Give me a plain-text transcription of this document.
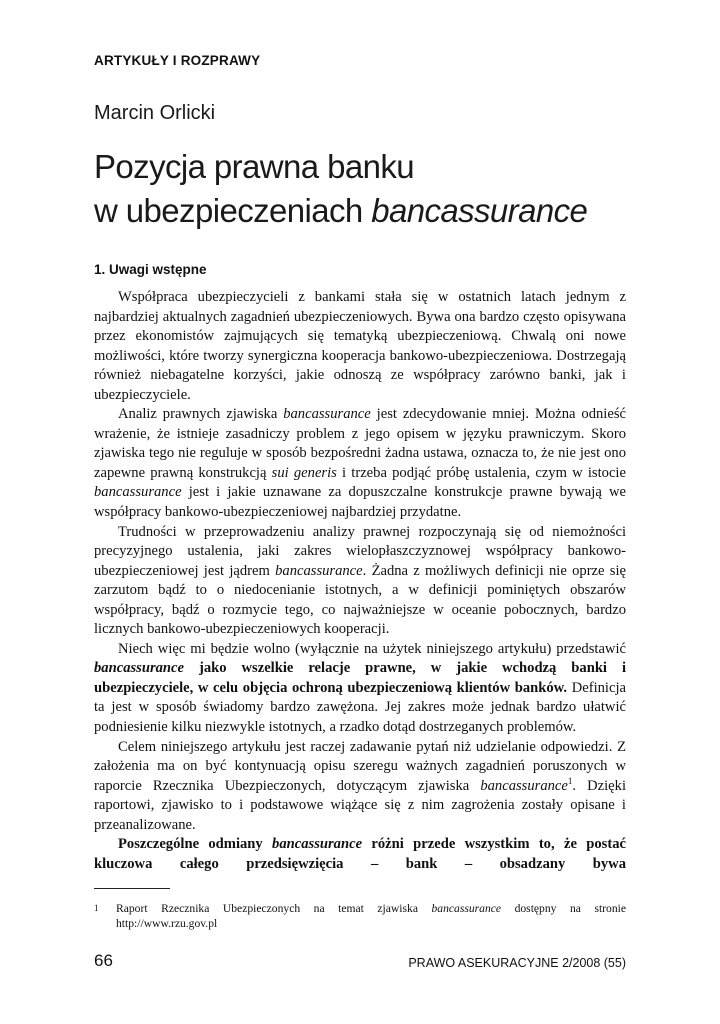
ARTYKUŁY I ROZPRAWY
Marcin Orlicki
Pozycja prawna banku
w ubezpieczeniach bancassurance
1. Uwagi wstępne

Współpraca ubezpieczycieli z bankami stała się w ostatnich latach jednym z najbardziej aktualnych zagadnień ubezpieczeniowych. Bywa ona bardzo często opisywana przez ekonomistów zajmujących się tematyką ubezpieczeniową. Chwalą oni nowe możliwości, które tworzy synergiczna kooperacja bankowo-ubezpieczeniowa. Dostrzegają również niebagatelne korzyści, jakie odnoszą ze współpracy zarówno banki, jak i ubezpieczyciele.

Analiz prawnych zjawiska bancassurance jest zdecydowanie mniej. Można odnieść wrażenie, że istnieje zasadniczy problem z jego opisem w języku prawniczym. Skoro zjawiska tego nie reguluje w sposób bezpośredni żadna ustawa, oznacza to, że nie jest ono zapewne prawną konstrukcją sui generis i trzeba podjąć próbę ustalenia, czym w istocie bancassurance jest i jakie uznawane za dopuszczalne konstrukcje prawne bywają we współpracy bankowo-ubezpieczeniowej najbardziej przydatne.

Trudności w przeprowadzeniu analizy prawnej rozpoczynają się od niemożności precyzyjnego ustalenia, jaki zakres wielopłaszczyznowej współpracy bankowo-ubezpieczeniowej jest jądrem bancassurance. Żadna z możliwych definicji nie oprze się zarzutom bądź to o niedocenianie istotnych, a w definicji pominiętych obszarów współpracy, bądź o rozmycie tego, co najważniejsze w oceanie pobocznych, bardzo licznych bankowo-ubezpieczeniowych kooperacji.

Niech więc mi będzie wolno (wyłącznie na użytek niniejszego artykułu) przedstawić bancassurance jako wszelkie relacje prawne, w jakie wchodzą banki i ubezpieczyciele, w celu objęcia ochroną ubezpieczeniową klientów banków. Definicja ta jest w sposób świadomy bardzo zawężona. Jej zakres może jednak bardzo ułatwić podniesienie kilku niezwykle istotnych, a rzadko dotąd dostrzeganych problemów.

Celem niniejszego artykułu jest raczej zadawanie pytań niż udzielanie odpowiedzi. Z założenia ma on być kontynuacją opisu szeregu ważnych zagadnień poruszonych w raporcie Rzecznika Ubezpieczonych, dotyczącym zjawiska bancassurance$^1$. Dzięki raportowi, zjawisko to i podstawowe wiążące się z nim zagrożenia zostały opisane i przeanalizowane.

Poszczególne odmiany bancassurance różni przede wszystkim to, że postać kluczowa całego przedsięwzięcia – bank – obsadzany bywa

1 Raport Rzecznika Ubezpieczonych na temat zjawiska bancassurance dostępny na stronie http://www.rzu.gov.pl
66	PRAWO ASEKURACYJNE 2/2008 (55)
